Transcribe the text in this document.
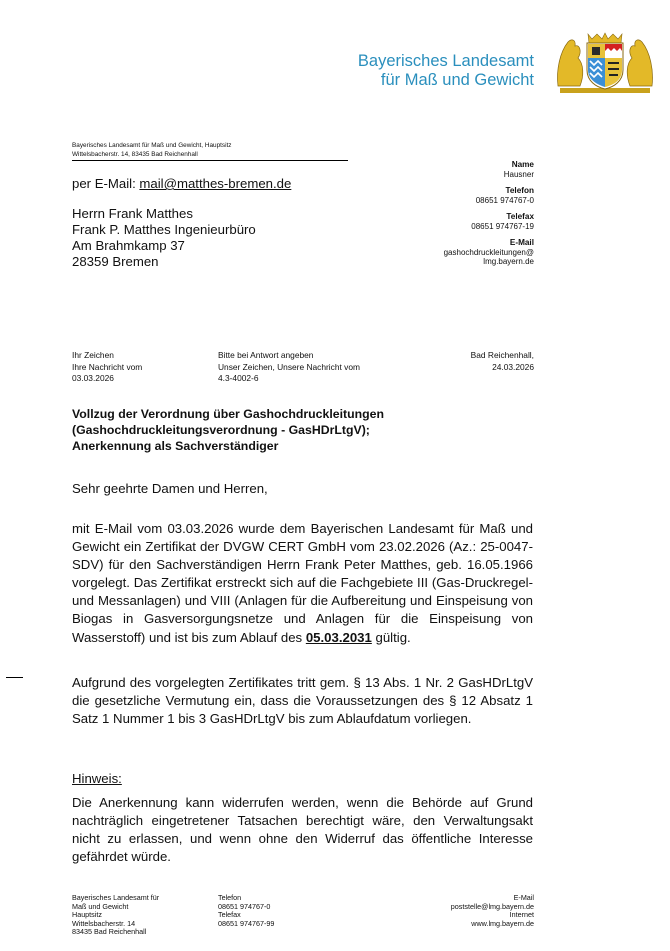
Bayerisches Landesamt
für Maß und Gewicht
Bayerisches Landesamt für Maß und Gewicht, Hauptsitz
Wittelsbacherstr. 14, 83435 Bad Reichenhall
per E-Mail: mail@matthes-bremen.de
Herrn Frank Matthes
Frank P. Matthes Ingenieurbüro
Am Brahmkamp 37
28359 Bremen
Name
Hausner
Telefon
08651 974767-0
Telefax
08651 974767-19
E-Mail
gashochdruckleitungen@
lmg.bayern.de
Ihr Zeichen
Ihre Nachricht vom
03.03.2026
Bitte bei Antwort angeben
Unser Zeichen, Unsere Nachricht vom
4.3-4002-6
Bad Reichenhall,
24.03.2026
Vollzug der Verordnung über Gashochdruckleitungen
(Gashochdruckleitungsverordnung - GasHDrLtgV);
Anerkennung als Sachverständiger
Sehr geehrte Damen und Herren,
mit E-Mail vom 03.03.2026 wurde dem Bayerischen Landesamt für Maß und Gewicht ein Zertifikat der DVGW CERT GmbH vom 23.02.2026 (Az.: 25-0047-SDV) für den Sachverständigen Herrn Frank Peter Matthes, geb. 16.05.1966 vorgelegt. Das Zertifikat erstreckt sich auf die Fachgebiete III (Gas-Druckregel- und Messanlagen) und VIII (Anlagen für die Aufbereitung und Einspeisung von Biogas in Gasversorgungsnetze und Anlagen für die Einspeisung von Wasserstoff) und ist bis zum Ablauf des 05.03.2031 gültig.
Aufgrund des vorgelegten Zertifikates tritt gem. § 13 Abs. 1 Nr. 2 GasHDrLtgV die gesetzliche Vermutung ein, dass die Voraussetzungen des § 12 Absatz 1 Satz 1 Nummer 1 bis 3 GasHDrLtgV bis zum Ablaufdatum vorliegen.
Hinweis:
Die Anerkennung kann widerrufen werden, wenn die Behörde auf Grund nachträglich eingetretener Tatsachen berechtigt wäre, den Verwaltungsakt nicht zu erlassen, und wenn ohne den Widerruf das öffentliche Interesse gefährdet würde.
Bayerisches Landesamt für
Maß und Gewicht
Hauptsitz
Wittelsbacherstr. 14
83435 Bad Reichenhall
Telefon
08651 974767-0
Telefax
08651 974767-99
E-Mail
poststelle@lmg.bayern.de
Internet
www.lmg.bayern.de
